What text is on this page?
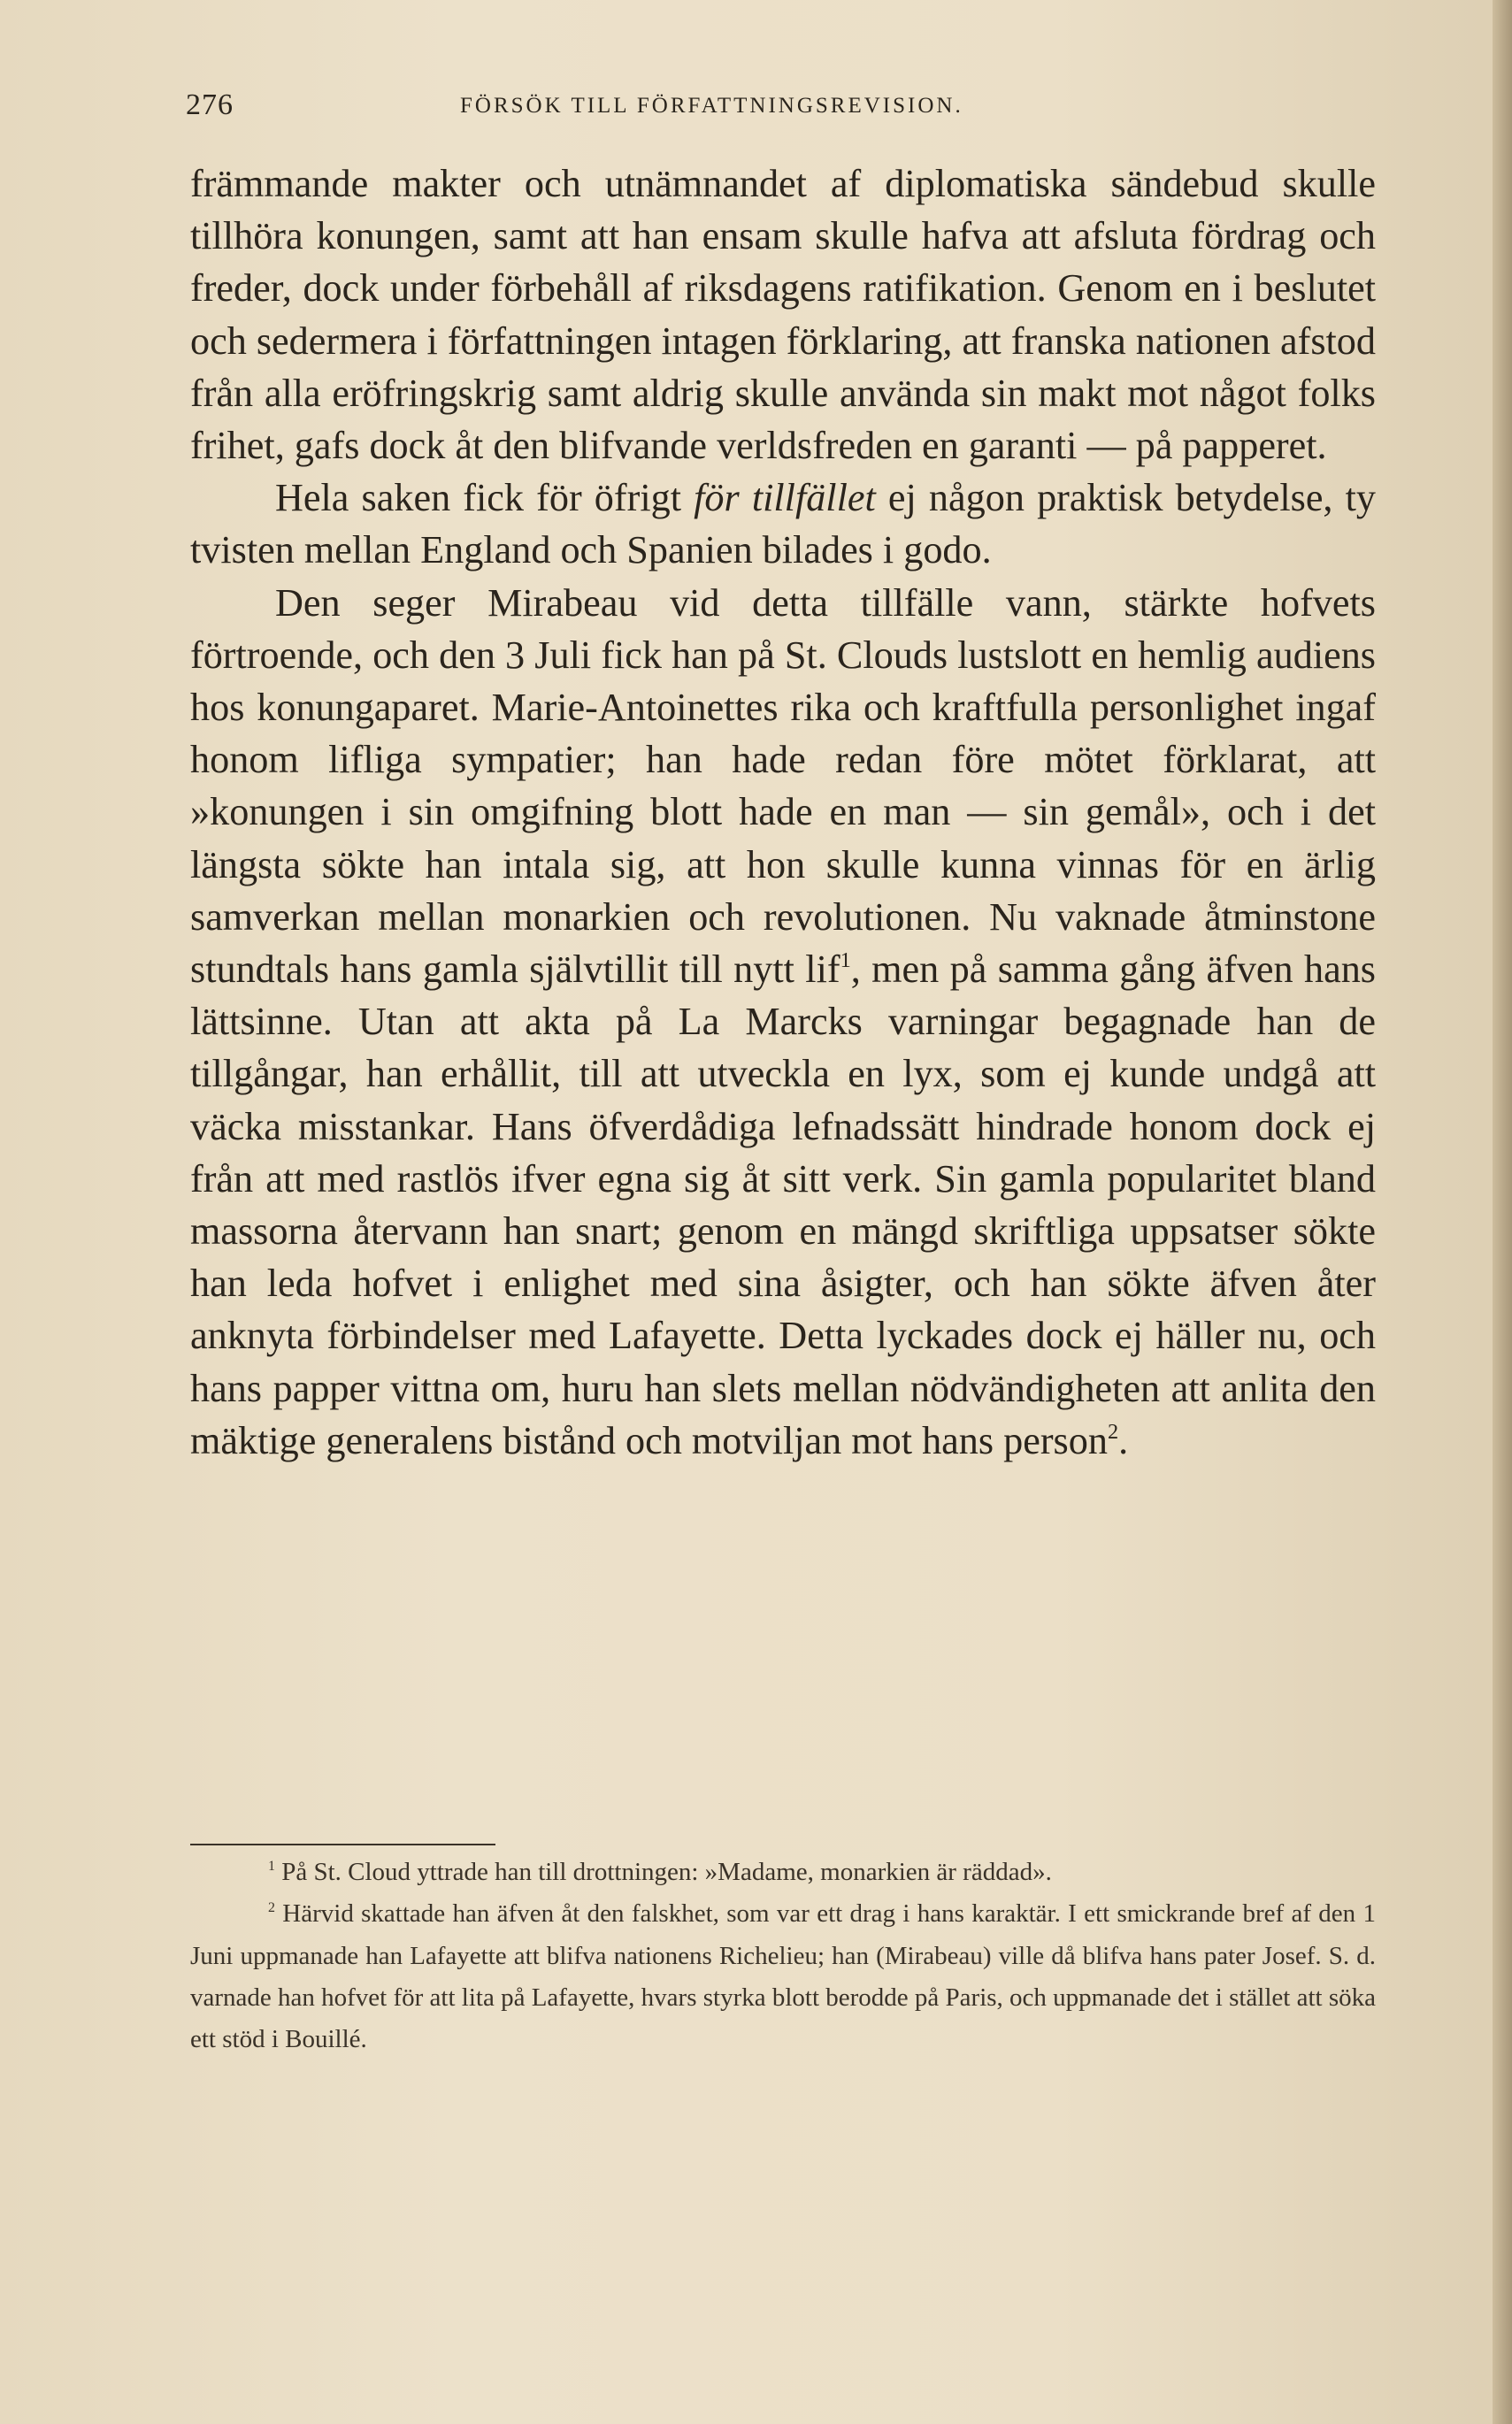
276	FÖRSÖK TILL FÖRFATTNINGSREVISION.

främmande makter och utnämnandet af diplomatiska sändebud skulle tillhöra konungen, samt att han ensam skulle hafva att afsluta fördrag och freder, dock under förbehåll af riksdagens ratifikation. Genom en i beslutet och sedermera i författningen intagen förklaring, att franska nationen afstod från alla eröfringskrig samt aldrig skulle använda sin makt mot något folks frihet, gafs dock åt den blifvande verldsfreden en garanti — på papperet.

Hela saken fick för öfrigt för tillfället ej någon praktisk betydelse, ty tvisten mellan England och Spanien bilades i godo.

Den seger Mirabeau vid detta tillfälle vann, stärkte hofvets förtroende, och den 3 Juli fick han på St. Clouds lustslott en hemlig audiens hos konungaparet. Marie-Antoinettes rika och kraftfulla personlighet ingaf honom lifliga sympatier; han hade redan före mötet förklarat, att »konungen i sin omgifning blott hade en man — sin gemål», och i det längsta sökte han intala sig, att hon skulle kunna vinnas för en ärlig samverkan mellan monarkien och revolutionen. Nu vaknade åtminstone stundtals hans gamla självtillit till nytt lif$^1$, men på samma gång äfven hans lättsinne. Utan att akta på La Marcks varningar begagnade han de tillgångar, han erhållit, till att utveckla en lyx, som ej kunde undgå att väcka misstankar. Hans öfverdådiga lefnadssätt hindrade honom dock ej från att med rastlös ifver egna sig åt sitt verk. Sin gamla popularitet bland massorna återvann han snart; genom en mängd skriftliga uppsatser sökte han leda hofvet i enlighet med sina åsigter, och han sökte äfven åter anknyta förbindelser med Lafayette. Detta lyckades dock ej häller nu, och hans papper vittna om, huru han slets mellan nödvändigheten att anlita den mäktige generalens bistånd och motviljan mot hans person$^2$.

$^1$ På St. Cloud yttrade han till drottningen: »Madame, monarkien är räddad».

$^2$ Härvid skattade han äfven åt den falskhet, som var ett drag i hans karaktär. I ett smickrande bref af den 1 Juni uppmanade han Lafayette att blifva nationens Richelieu; han (Mirabeau) ville då blifva hans pater Josef. S. d. varnade han hofvet för att lita på Lafayette, hvars styrka blott berodde på Paris, och uppmanade det i stället att söka ett stöd i Bouillé.
